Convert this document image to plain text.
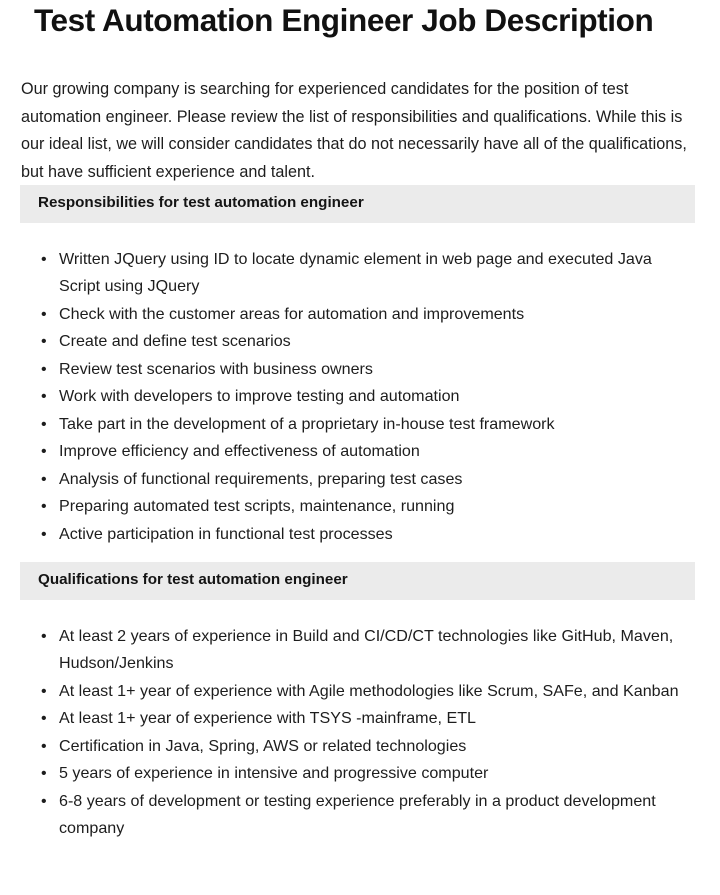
Test Automation Engineer Job Description

Our growing company is searching for experienced candidates for the position of test automation engineer. Please review the list of responsibilities and qualifications. While this is our ideal list, we will consider candidates that do not necessarily have all of the qualifications, but have sufficient experience and talent.

Responsibilities for test automation engineer
• Written JQuery using ID to locate dynamic element in web page and executed Java Script using JQuery
• Check with the customer areas for automation and improvements
• Create and define test scenarios
• Review test scenarios with business owners
• Work with developers to improve testing and automation
• Take part in the development of a proprietary in-house test framework
• Improve efficiency and effectiveness of automation
• Analysis of functional requirements, preparing test cases
• Preparing automated test scripts, maintenance, running
• Active participation in functional test processes
Qualifications for test automation engineer
• At least 2 years of experience in Build and CI/CD/CT technologies like GitHub, Maven, Hudson/Jenkins
• At least 1+ year of experience with Agile methodologies like Scrum, SAFe, and Kanban
• At least 1+ year of experience with TSYS -mainframe, ETL
• Certification in Java, Spring, AWS or related technologies
• 5 years of experience in intensive and progressive computer
• 6-8 years of development or testing experience preferably in a product development company
